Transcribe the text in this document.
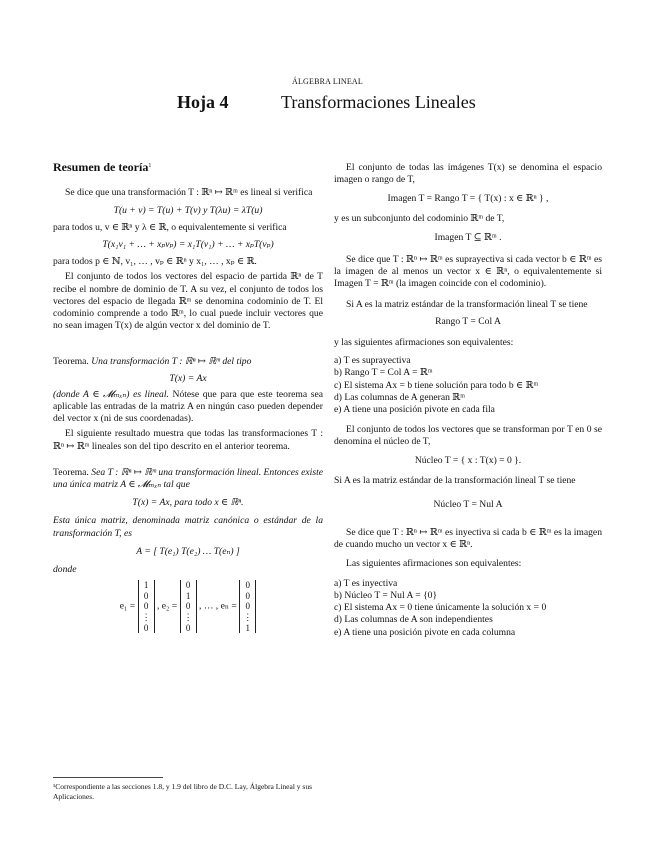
ÁLGEBRA LINEAL
Hoja 4	Transformaciones Lineales

Resumen de teoría$^1$

Se dice que una transformación T : ℝⁿ ↦ ℝᵐ es lineal si verifica

T(u + v) = T(u) + T(v) y T(λu) = λT(u)

para todos u, v ∈ ℝⁿ y λ ∈ ℝ, o equivalentemente si verifica

T(x₁v₁ + … + xₚvₚ) = x₁T(v₁) + … + xₚT(vₚ)

para todos p ∈ ℕ, v₁, … , vₚ ∈ ℝⁿ y x₁, … , xₚ ∈ ℝ.

El conjunto de todos los vectores del espacio de partida ℝⁿ de T recibe el nombre de dominio de T. A su vez, el conjunto de todos los vectores del espacio de llegada ℝᵐ se denomina codominio de T. El codominio comprende a todo ℝᵐ, lo cual puede incluir vectores que no sean imagen T(x) de algún vector x del dominio de T.

Teorema. Una transformación T : ℝⁿ ↦ ℝᵐ del tipo

T(x) = Ax

(donde A ∈ 𝓜ₘₓₙ) es lineal. Nótese que para que este teorema sea aplicable las entradas de la matriz A en ningún caso pueden depender del vector x (ni de sus coordenadas).

El siguiente resultado muestra que todas las transformaciones T : ℝⁿ ↦ ℝᵐ lineales son del tipo descrito en el anterior teorema.

Teorema. Sea T : ℝⁿ ↦ ℝᵐ una transformación lineal. Entonces existe una única matriz A ∈ 𝓜ₘₓₙ tal que

T(x) = Ax, para todo x ∈ ℝⁿ.

Esta única matriz, denominada matriz canónica o estándar de la transformación T, es

A = [ T(e₁) T(e₂) … T(eₙ) ]

donde

e₁ =
1
0
0
⋮
0
, e₂ =
0
1
0
⋮
0
, … , eₙ =
0
0
0
⋮
1
¹Correspondiente a las secciones 1.8, y 1.9 del libro de D.C. Lay, Álgebra Lineal y sus Aplicaciones.

El conjunto de todas las imágenes T(x) se denomina el espacio imagen o rango de T,

Imagen T = Rango T = { T(x) : x ∈ ℝⁿ } ,

y es un subconjunto del codominio ℝᵐ de T,

Imagen T ⊆ ℝᵐ .

Se dice que T : ℝⁿ ↦ ℝᵐ es suprayectiva si cada vector b ∈ ℝᵐ es la imagen de al menos un vector x ∈ ℝⁿ, o equivalentemente si Imagen T = ℝᵐ (la imagen coincide con el codominio).

Si A es la matriz estándar de la transformación lineal T se tiene

Rango T = Col A

y las siguientes afirmaciones son equivalentes:

a) T es suprayectiva
b) Rango T = Col A = ℝᵐ
c) El sistema Ax = b tiene solución para todo b ∈ ℝᵐ
d) Las columnas de A generan ℝᵐ
e) A tiene una posición pivote en cada fila

El conjunto de todos los vectores que se transforman por T en 0 se denomina el núcleo de T,

Núcleo T = { x : T(x) = 0 }.

Si A es la matriz estándar de la transformación lineal T se tiene

Núcleo T = Nul A

Se dice que T : ℝⁿ ↦ ℝᵐ es inyectiva si cada b ∈ ℝᵐ es la imagen de cuando mucho un vector x ∈ ℝⁿ.

Las siguientes afirmaciones son equivalentes:

a) T es inyectiva
b) Núcleo T = Nul A = {0}
c) El sistema Ax = 0 tiene únicamente la solución x = 0
d) Las columnas de A son independientes
e) A tiene una posición pivote en cada columna
